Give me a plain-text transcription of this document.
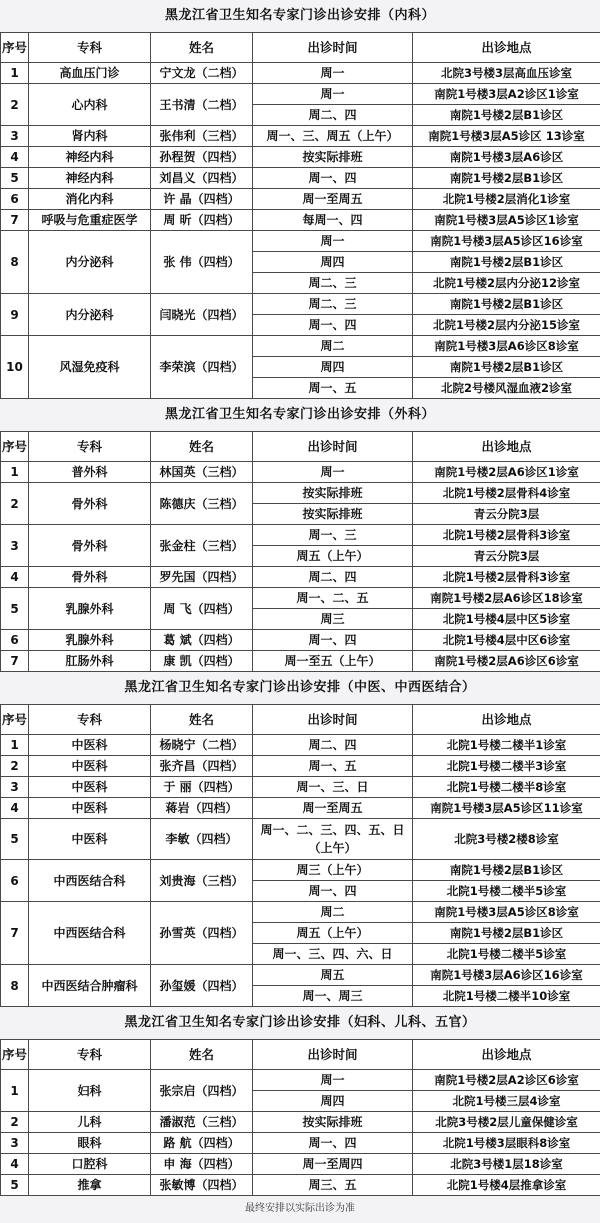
黑龙江省卫生知名专家门诊出诊安排（内科）
序号	专科	姓名	出诊时间	出诊地点
1	高血压门诊	宁文龙（二档）	周一	北院3号楼3层高血压诊室
2	心内科	王书清（二档）	周一	南院1号楼3层A2诊区1诊室
			周二、四	南院1号楼2层B1诊区
3	肾内科	张伟利（三档）	周一、三、周五（上午）	南院1号楼3层A5诊区 13诊室
4	神经内科	孙程贺（四档）	按实际排班	南院1号楼3层A6诊区
5	神经内科	刘昌义（四档）	周一、四	南院1号楼2层B1诊区
6	消化内科	许 晶（四档）	周一至周五	北院1号楼2层消化1诊室
7	呼吸与危重症医学	周 昕（四档）	每周一、四	南院1号楼3层A5诊区1诊室
8	内分泌科	张 伟（四档）	周一	南院1号楼3层A5诊区16诊室
			周四	南院1号楼2层B1诊区
			周二、三	北院1号楼2层内分泌12诊室
9	内分泌科	闫晓光（四档）	周二、三	南院1号楼2层B1诊区
			周一、四	北院1号楼2层内分泌15诊室
10	风湿免疫科	李荣滨（四档）	周二	南院1号楼3层A6诊区8诊室
			周四	南院1号楼2层B1诊区
			周一、五	北院2号楼风湿血液2诊室
黑龙江省卫生知名专家门诊出诊安排（外科）
序号	专科	姓名	出诊时间	出诊地点
1	普外科	林国英（三档）	周一	南院1号楼2层A6诊区1诊室
2	骨外科	陈德庆（三档）	按实际排班	北院1号楼2层骨科4诊室
			按实际排班	青云分院3层
3	骨外科	张金柱（三档）	周一、三	北院1号楼2层骨科3诊室
			周五（上午）	青云分院3层
4	骨外科	罗先国（四档）	周二、四	北院1号楼2层骨科3诊室
5	乳腺外科	周 飞（四档）	周一、二、五	南院1号楼2层A6诊区18诊室
			周三	北院1号楼4层中区5诊室
6	乳腺外科	葛 斌（四档）	周一、四	北院1号楼4层中区6诊室
7	肛肠外科	康 凯（四档）	周一至五（上午）	南院1号楼2层A6诊区6诊室
黑龙江省卫生知名专家门诊出诊安排（中医、中西医结合）
序号	专科	姓名	出诊时间	出诊地点
1	中医科	杨晓宁（二档）	周二、四	北院1号楼二楼半1诊室
2	中医科	张齐昌（四档）	周一、五	北院1号楼二楼半3诊室
3	中医科	于 丽（四档）	周一、三、日	北院1号楼二楼半8诊室
4	中医科	蒋岩（四档）	周一至周五	南院1号楼3层A5诊区11诊室
5	中医科	李敏（四档）	周一、二、三、四、五、日（上午）	北院3号楼2楼8诊室
6	中西医结合科	刘贵海（三档）	周三（上午）	南院1号楼2层B1诊区
			周一、四	北院1号楼二楼半5诊室
7	中西医结合科	孙雪英（四档）	周二	南院1号楼3层A5诊区8诊室
			周五（上午）	南院1号楼2层B1诊区
			周一、三、四、六、日	北院1号楼二楼半5诊室
8	中西医结合肿瘤科	孙玺媛（四档）	周五	南院1号楼3层A6诊区16诊室
			周一、周三	北院1号楼二楼半10诊室
黑龙江省卫生知名专家门诊出诊安排（妇科、儿科、五官）
序号	专科	姓名	出诊时间	出诊地点
1	妇科	张宗启（四档）	周一	南院1号楼2层A2诊区6诊室
			周四	北院1号楼三层4诊室
2	儿科	潘淑范（三档）	按实际排班	北院3号楼2层儿童保健诊室
3	眼科	路 航（四档）	周一、四	北院1号楼3层眼科8诊室
4	口腔科	申 海（四档）	周一至周四	北院3号楼1层18诊室
5	推拿	张敏博（四档）	周三、五	北院1号楼4层推拿诊室
最终安排以实际出诊为准
